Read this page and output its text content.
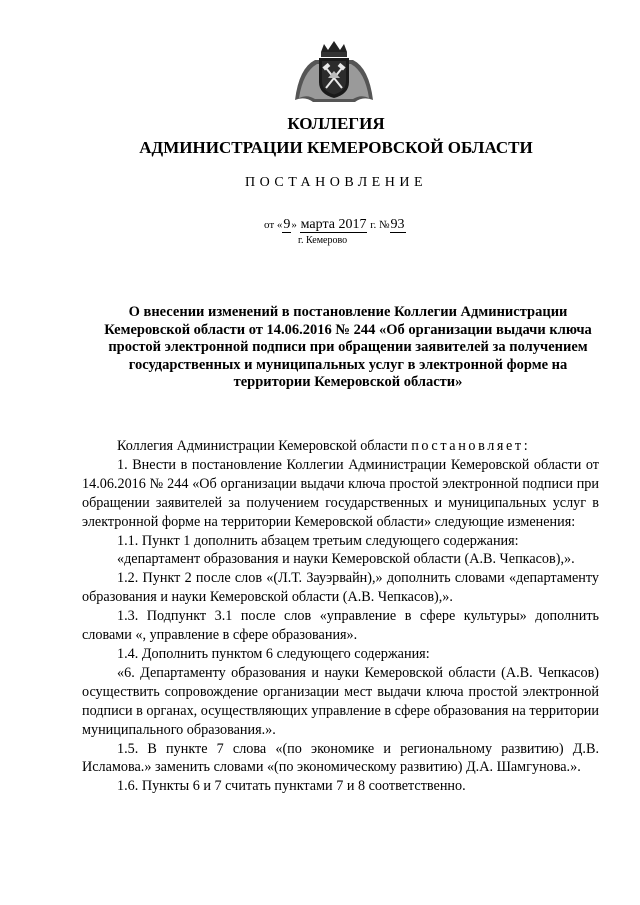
КОЛЛЕГИЯ
АДМИНИСТРАЦИИ КЕМЕРОВСКОЙ ОБЛАСТИ
ПОСТАНОВЛЕНИЕ
от «9» марта 2017 г. №93
г. Кемерово
О внесении изменений в постановление Коллегии Администрации Кемеровской области от 14.06.2016 № 244 «Об организации выдачи ключа простой электронной подписи при обращении заявителей за получением государственных и муниципальных услуг в электронной форме на территории Кемеровской области»

Коллегия Администрации Кемеровской области постановляет:

1. Внести в постановление Коллегии Администрации Кемеровской области от 14.06.2016 № 244 «Об организации выдачи ключа простой электронной подписи при обращении заявителей за получением государственных и муниципальных услуг в электронной форме на территории Кемеровской области» следующие изменения:

1.1. Пункт 1 дополнить абзацем третьим следующего содержания:

«департамент образования и науки Кемеровской области (А.В. Чепкасов),».

1.2. Пункт 2 после слов «(Л.Т. Зауэрвайн),» дополнить словами «департаменту образования и науки Кемеровской области (А.В. Чепкасов),».

1.3. Подпункт 3.1 после слов «управление в сфере культуры» дополнить словами «, управление в сфере образования».

1.4. Дополнить пунктом 6 следующего содержания:

«6. Департаменту образования и науки Кемеровской области (А.В. Чепкасов) осуществить сопровождение организации мест выдачи ключа простой электронной подписи в органах, осуществляющих управление в сфере образования на территории муниципального образования.».

1.5. В пункте 7 слова «(по экономике и региональному развитию) Д.В. Исламова.» заменить словами «(по экономическому развитию) Д.А. Шамгунова.».

1.6. Пункты 6 и 7 считать пунктами 7 и 8 соответственно.
